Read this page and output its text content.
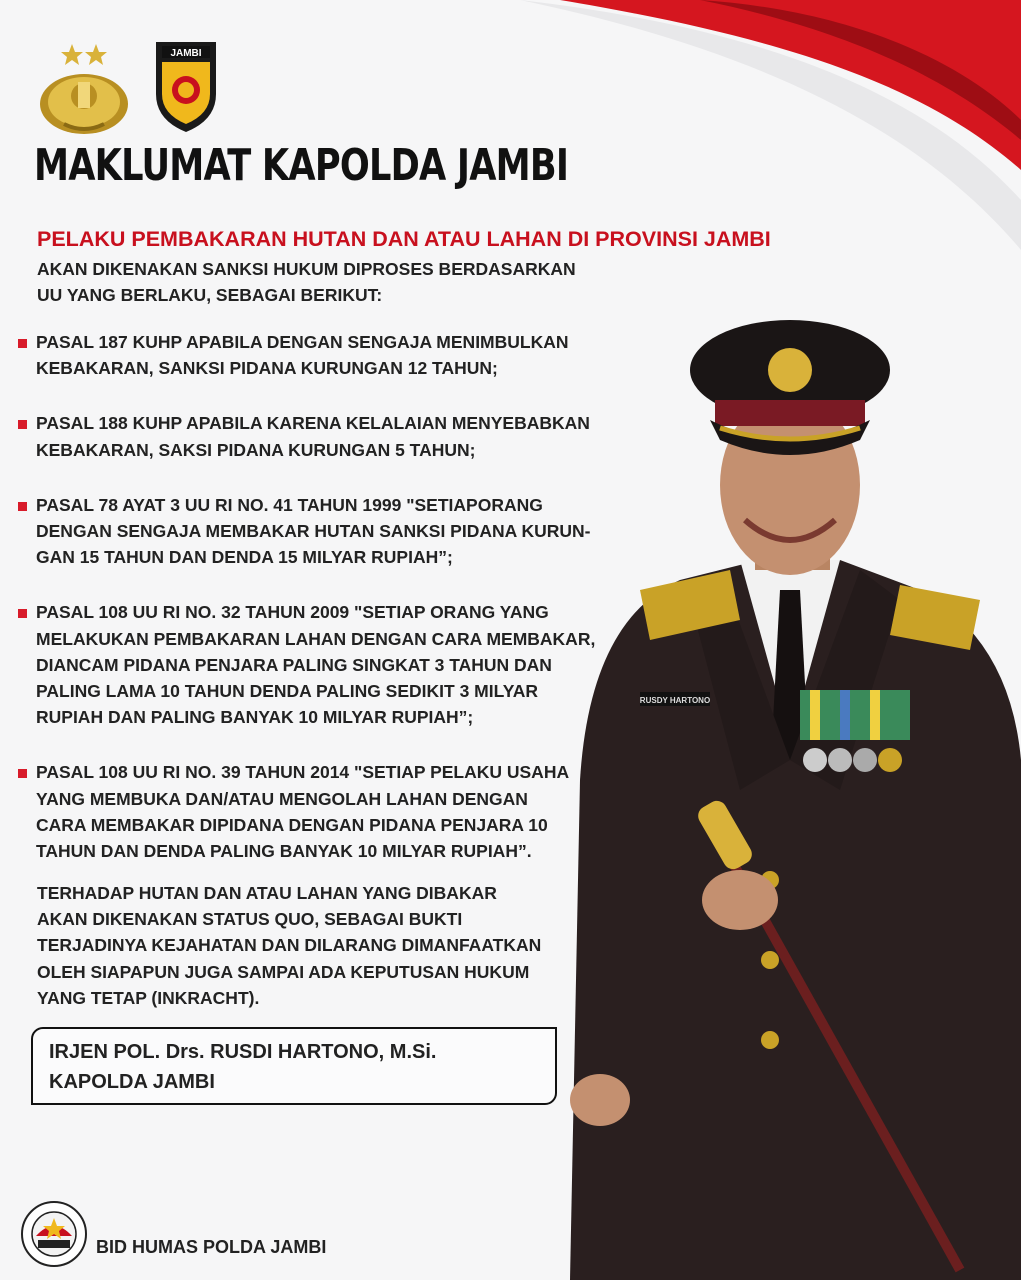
JAMBI
MAKLUMAT KAPOLDA JAMBI
PELAKU PEMBAKARAN HUTAN DAN ATAU LAHAN DI PROVINSI JAMBI

AKAN DIKENAKAN SANKSI HUKUM DIPROSES BERDASARKAN

UU YANG BERLAKU, SEBAGAI BERIKUT:

PASAL 187 KUHP APABILA DENGAN SENGAJA MENIMBULKAN
KEBAKARAN, SANKSI PIDANA KURUNGAN 12 TAHUN;
PASAL 188 KUHP APABILA KARENA KELALAIAN MENYEBABKAN
KEBAKARAN, SAKSI PIDANA KURUNGAN 5 TAHUN;
PASAL 78 AYAT 3 UU RI NO. 41 TAHUN 1999 "SETIAPORANG
DENGAN SENGAJA MEMBAKAR HUTAN SANKSI PIDANA KURUN-
GAN 15 TAHUN DAN DENDA 15 MILYAR RUPIAH”;
PASAL 108 UU RI NO. 32 TAHUN 2009 "SETIAP ORANG YANG
MELAKUKAN PEMBAKARAN LAHAN DENGAN CARA MEMBAKAR,
DIANCAM PIDANA PENJARA PALING SINGKAT 3 TAHUN DAN
PALING LAMA 10 TAHUN DENDA PALING SEDIKIT 3 MILYAR
RUPIAH DAN PALING BANYAK 10 MILYAR RUPIAH”;
PASAL 108 UU RI NO. 39 TAHUN 2014 "SETIAP PELAKU USAHA
YANG MEMBUKA DAN/ATAU MENGOLAH LAHAN DENGAN
CARA MEMBAKAR DIPIDANA DENGAN PIDANA PENJARA 10
TAHUN DAN DENDA PALING BANYAK 10 MILYAR RUPIAH”.
TERHADAP HUTAN DAN ATAU LAHAN YANG DIBAKAR
AKAN DIKENAKAN STATUS QUO, SEBAGAI BUKTI
TERJADINYA KEJAHATAN DAN DILARANG DIMANFAATKAN
OLEH SIAPAPUN JUGA SAMPAI ADA KEPUTUSAN HUKUM
YANG TETAP (INKRACHT).
IRJEN POL. Drs. RUSDI HARTONO, M.Si.
KAPOLDA JAMBI
BID HUMAS POLDA JAMBI
RUSDY HARTONO
